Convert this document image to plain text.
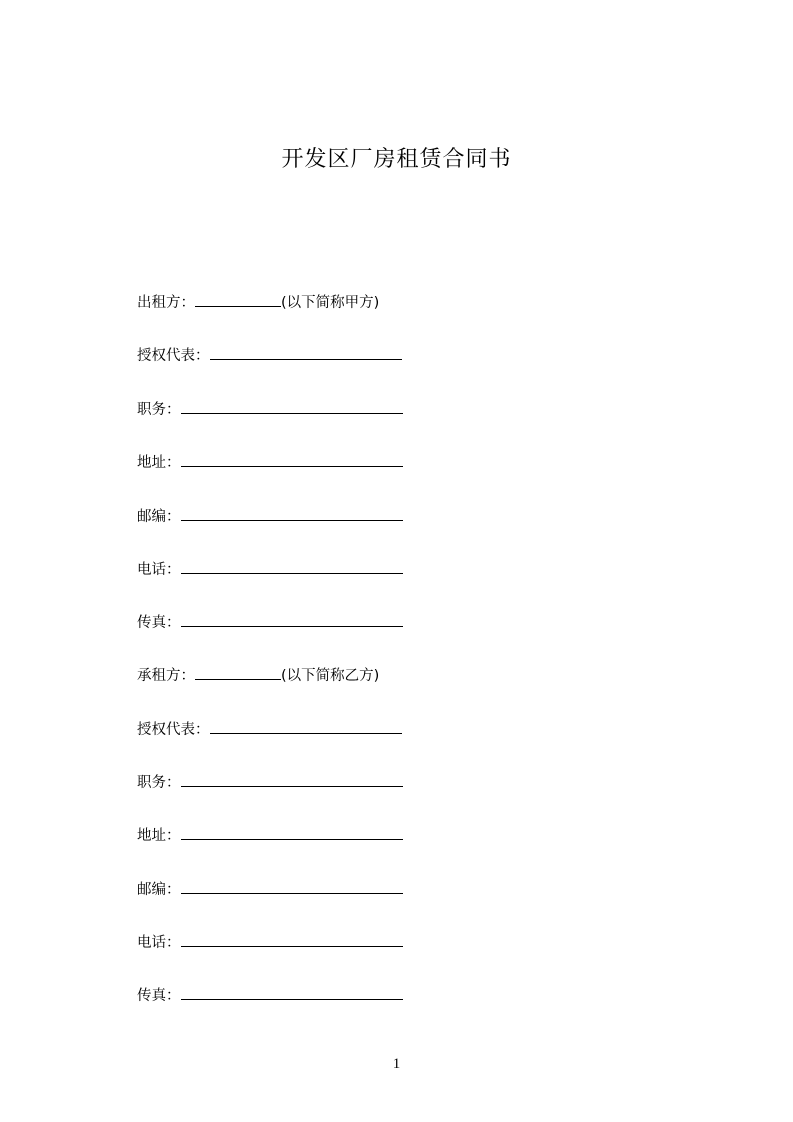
开发区厂房租赁合同书
出租方：	(以下简称甲方)
授权代表：
职务：
地址：
邮编：
电话：
传真：
承租方：	(以下简称乙方)
授权代表：
职务：
地址：
邮编：
电话：
传真：
1
